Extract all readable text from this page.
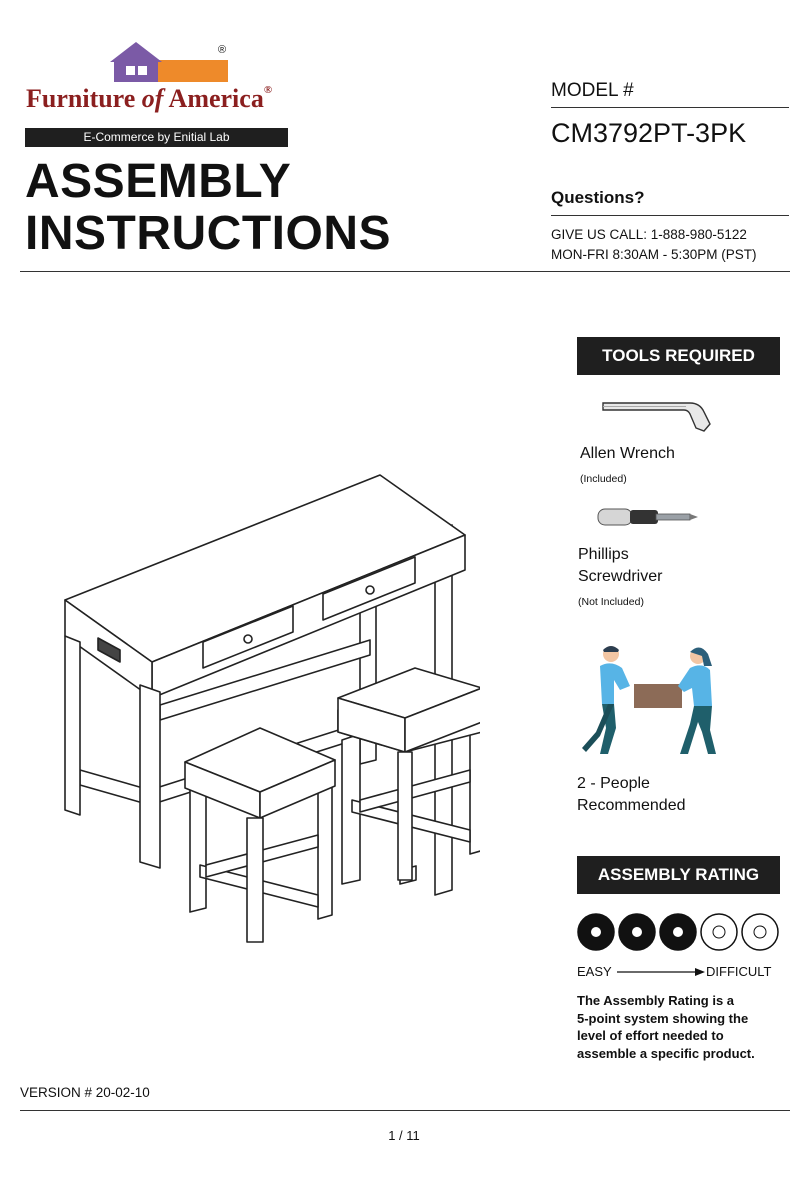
®
Furniture of America®
E-Commerce by Enitial Lab
ASSEMBLY
INSTRUCTIONS
MODEL #
CM3792PT-3PK
Questions?
GIVE US CALL: 1-888-980-5122
MON-FRI 8:30AM - 5:30PM (PST)
TOOLS REQUIRED
Allen Wrench
(Included)
Phillips
Screwdriver
(Not Included)
2 - People
Recommended
ASSEMBLY RATING
EASY	DIFFICULT
The Assembly Rating is a
5-point system showing the
level of effort needed to
assemble a specific product.
VERSION # 20-02-10
1 / 11
